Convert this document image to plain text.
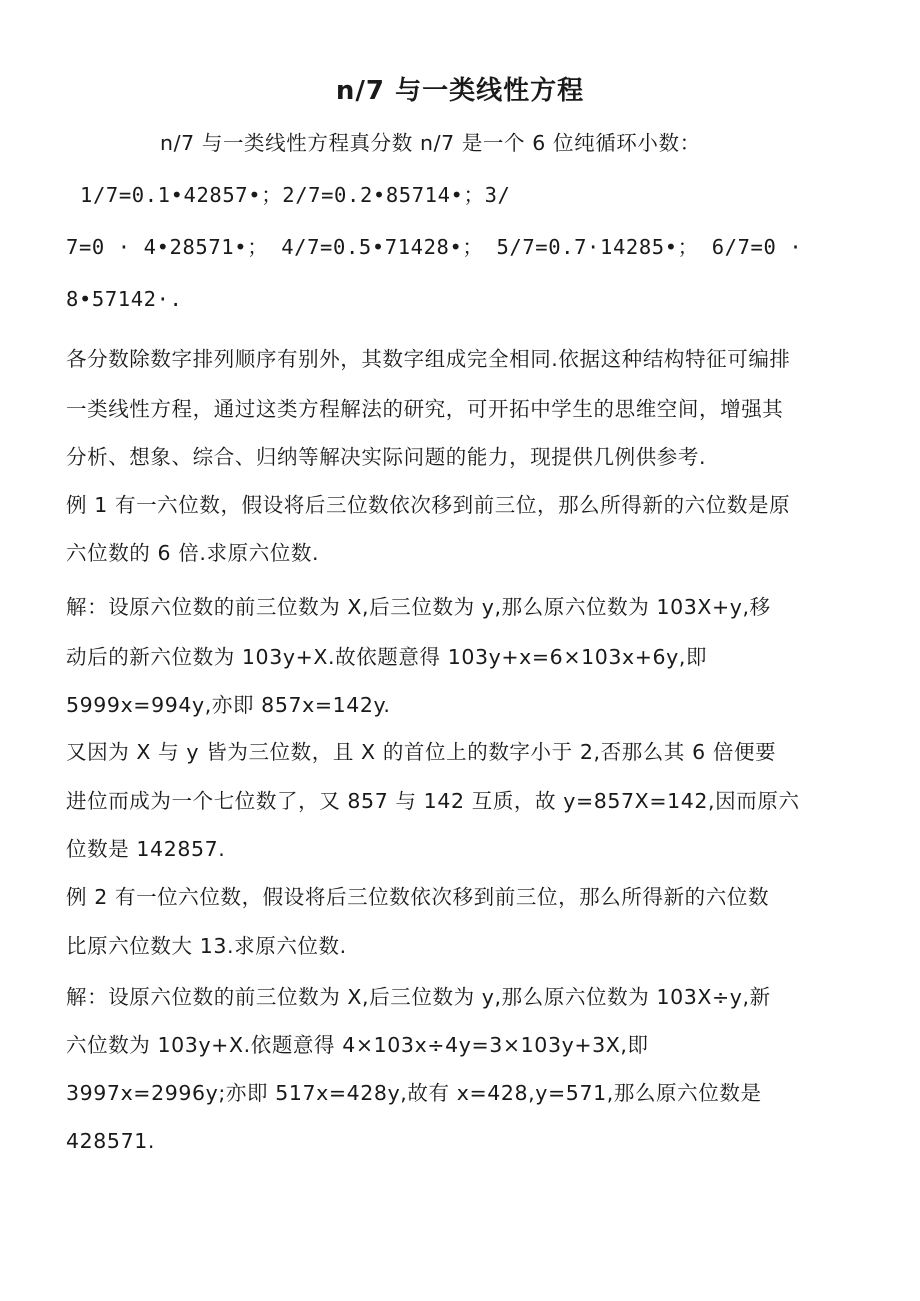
n/7 与一类线性方程
n/7 与一类线性方程真分数 n/7 是一个 6 位纯循环小数：
1/7=0.1•42857•；2/7=0.2•85714•；3/
7=0 · 4•28571•； 4/7=0.5•71428•； 5/7=0.7·14285•； 6/7=0 ·
8•57142·.
各分数除数字排列顺序有别外，其数字组成完全相同.依据这种结构特征可编排
一类线性方程，通过这类方程解法的研究，可开拓中学生的思维空间，增强其
分析、想象、综合、归纳等解决实际问题的能力，现提供几例供参考.
例 1 有一六位数，假设将后三位数依次移到前三位，那么所得新的六位数是原
六位数的 6 倍.求原六位数.
解：设原六位数的前三位数为 X,后三位数为 y,那么原六位数为 103X+y,移
动后的新六位数为 103y+X.故依题意得 103y+x=6×103x+6y,即
5999x=994y,亦即 857x=142y.
又因为 X 与 y 皆为三位数，且 X 的首位上的数字小于 2,否那么其 6 倍便要
进位而成为一个七位数了，又 857 与 142 互质，故 y=857X=142,因而原六
位数是 142857.
例 2 有一位六位数，假设将后三位数依次移到前三位，那么所得新的六位数
比原六位数大 13.求原六位数.
解：设原六位数的前三位数为 X,后三位数为 y,那么原六位数为 103X÷y,新
六位数为 103y+X.依题意得 4×103x÷4y=3×103y+3X,即
3997x=2996y;亦即 517x=428y,故有 x=428,y=571,那么原六位数是
428571.
